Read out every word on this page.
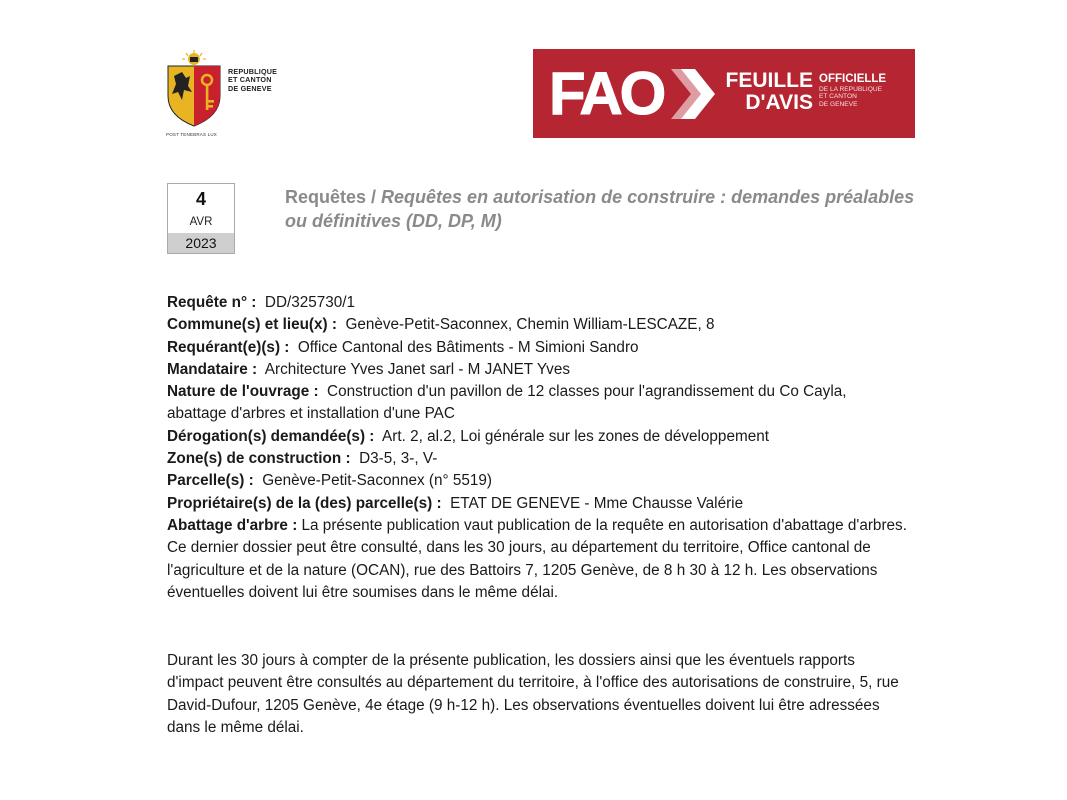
REPUBLIQUE
ET CANTON
DE GENEVE
POST TENEBRAS LUX
FAO	FEUILLE
D'AVIS
OFFICIELLE
DE LA REPUBLIQUE
ET CANTON
DE GENEVE
4
AVR
2023
Requêtes / Requêtes en autorisation de construire : demandes préalables ou définitives (DD, DP, M)
Requête n° : DD/325730/1
Commune(s) et lieu(x) : Genève-Petit-Saconnex, Chemin William-LESCAZE, 8
Requérant(e)(s) : Office Cantonal des Bâtiments - M Simioni Sandro
Mandataire : Architecture Yves Janet sarl - M JANET Yves
Nature de l'ouvrage : Construction d'un pavillon de 12 classes pour l'agrandissement du Co Cayla, abattage d'arbres et installation d'une PAC
Dérogation(s) demandée(s) : Art. 2, al.2, Loi générale sur les zones de développement
Zone(s) de construction : D3-5, 3-, V-
Parcelle(s) : Genève-Petit-Saconnex (n° 5519)
Propriétaire(s) de la (des) parcelle(s) : ETAT DE GENEVE - Mme Chausse Valérie
Abattage d'arbre : La présente publication vaut publication de la requête en autorisation d'abattage d'arbres. Ce dernier dossier peut être consulté, dans les 30 jours, au département du territoire, Office cantonal de l'agriculture et de la nature (OCAN), rue des Battoirs 7, 1205 Genève, de 8 h 30 à 12 h. Les observations éventuelles doivent lui être soumises dans le même délai.
Durant les 30 jours à compter de la présente publication, les dossiers ainsi que les éventuels rapports d'impact peuvent être consultés au département du territoire, à l'office des autorisations de construire, 5, rue David-Dufour, 1205 Genève, 4e étage (9 h-12 h). Les observations éventuelles doivent lui être adressées dans le même délai.
